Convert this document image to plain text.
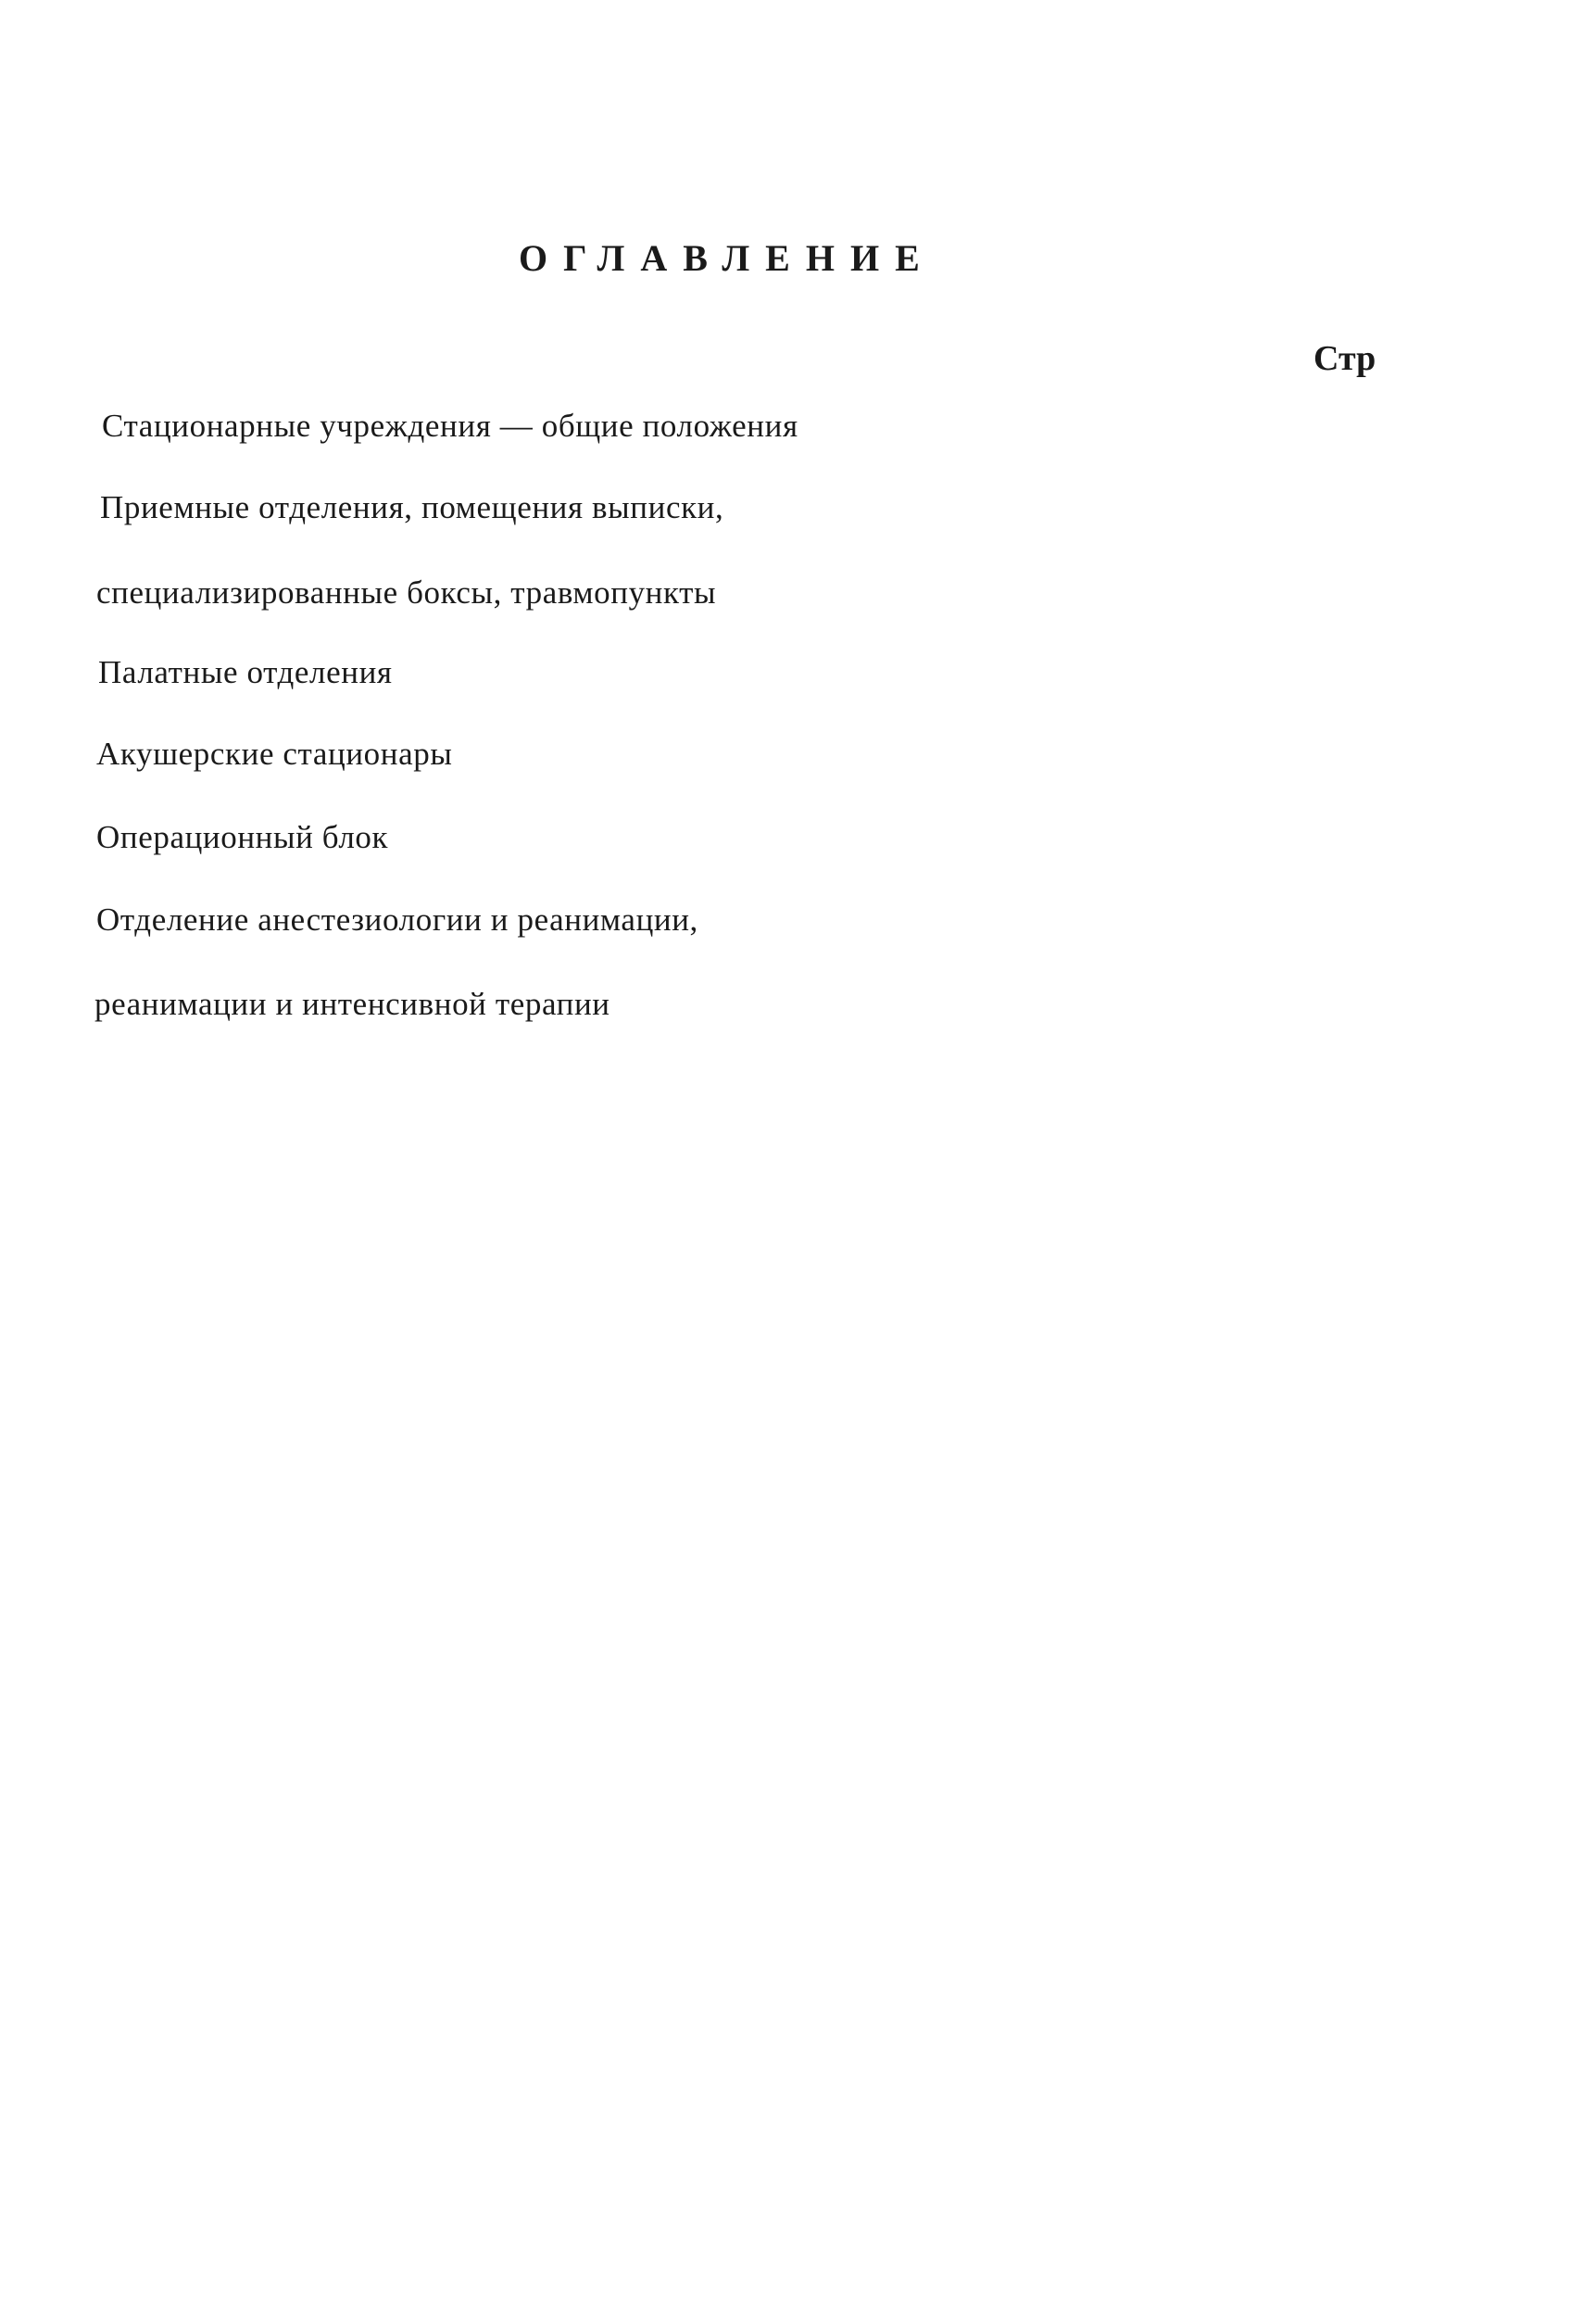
ОГЛАВЛЕНИЕ
Стр
Стационарные учреждения — общие положения
Приемные отделения, помещения выписки,
специализированные боксы, травмопункты
Палатные отделения
Акушерские стационары
Операционный блок
Отделение анестезиологии и реанимации,
реанимации и интенсивной терапии
